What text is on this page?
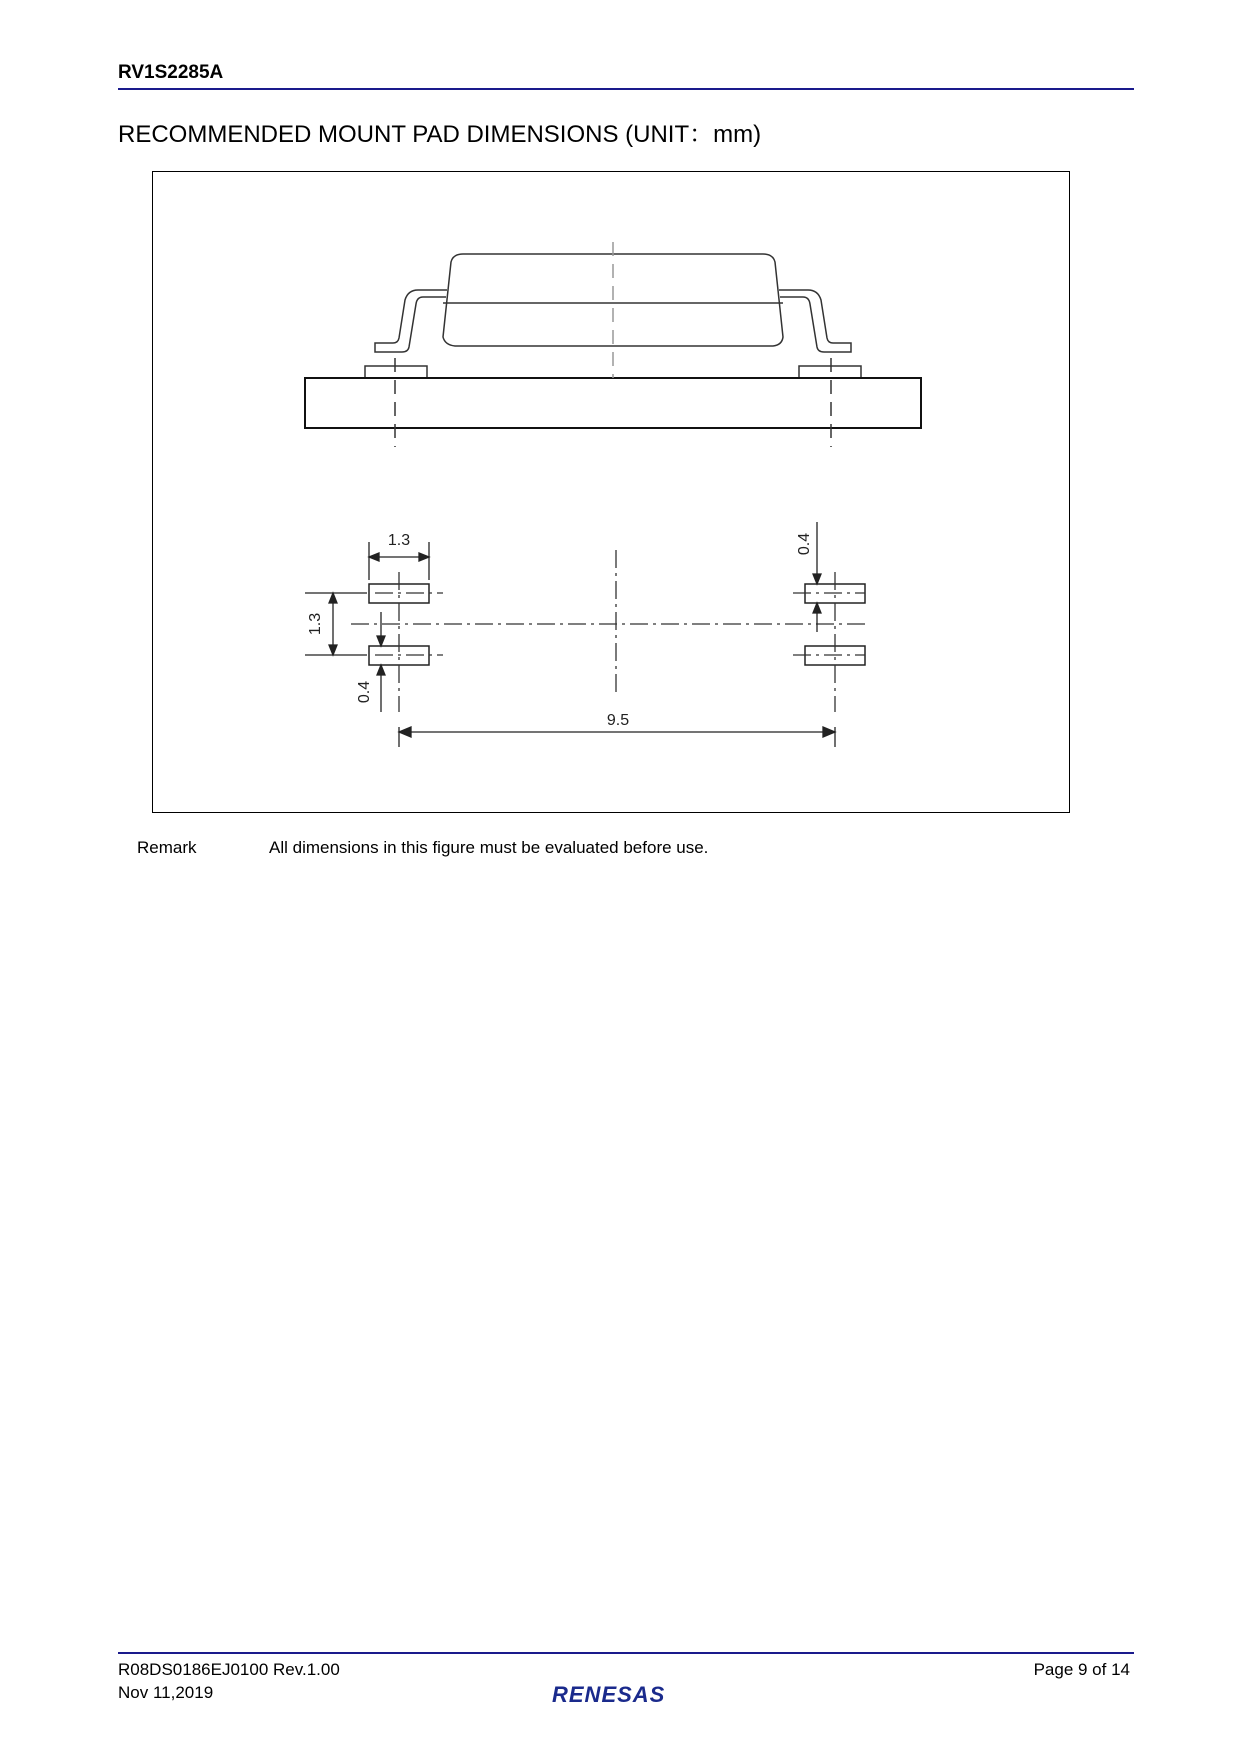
RV1S2285A
RECOMMENDED MOUNT PAD DIMENSIONS (UNIT：mm)
1.3
1.3
0.4
0.4
9.5
Remark	All dimensions in this figure must be evaluated before use.
R08DS0186EJ0100 Rev.1.00
Nov 11,2019
Page 9 of 14
RENESAS
